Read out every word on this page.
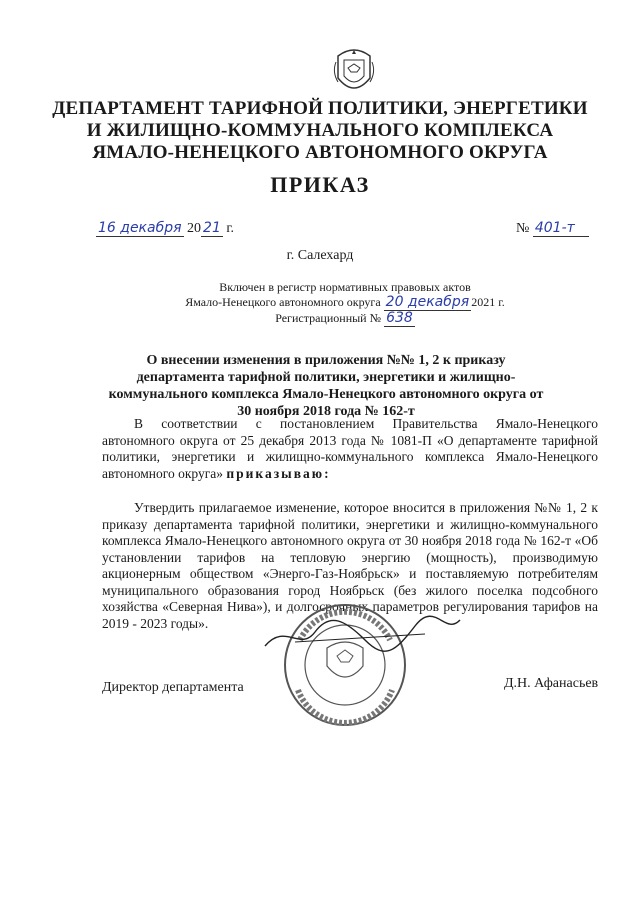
ДЕПАРТАМЕНТ ТАРИФНОЙ ПОЛИТИКИ, ЭНЕРГЕТИКИ
И ЖИЛИЩНО-КОММУНАЛЬНОГО КОМПЛЕКСА
ЯМАЛО-НЕНЕЦКОГО АВТОНОМНОГО ОКРУГА
ПРИКАЗ
16 декабря 20 21 г.	№ 401-т
г. Салехард
Включен в регистр нормативных правовых актов
Ямало-Ненецкого автономного округа 20 декабря 2021 г.
Регистрационный № 638
О внесении изменения в приложения №№ 1, 2 к приказу департамента тарифной политики, энергетики и жилищно-коммунального комплекса Ямало-Ненецкого автономного округа от 30 ноября 2018 года № 162-т
В соответствии с постановлением Правительства Ямало-Ненецкого автономного округа от 25 декабря 2013 года № 1081-П «О департаменте тарифной политики, энергетики и жилищно-коммунального комплекса Ямало-Ненецкого автономного округа» приказываю:
Утвердить прилагаемое изменение, которое вносится в приложения №№ 1, 2 к приказу департамента тарифной политики, энергетики и жилищно-коммунального комплекса Ямало-Ненецкого автономного округа от 30 ноября 2018 года № 162-т «Об установлении тарифов на тепловую энергию (мощность), производимую акционерным обществом «Энерго-Газ-Ноябрьск» и поставляемую потребителям муниципального образования город Ноябрьск (без жилого поселка подсобного хозяйства «Северная Нива»), и долгосрочных параметров регулирования тарифов на 2019 - 2023 годы».
Директор департамента	Д.Н. Афанасьев
